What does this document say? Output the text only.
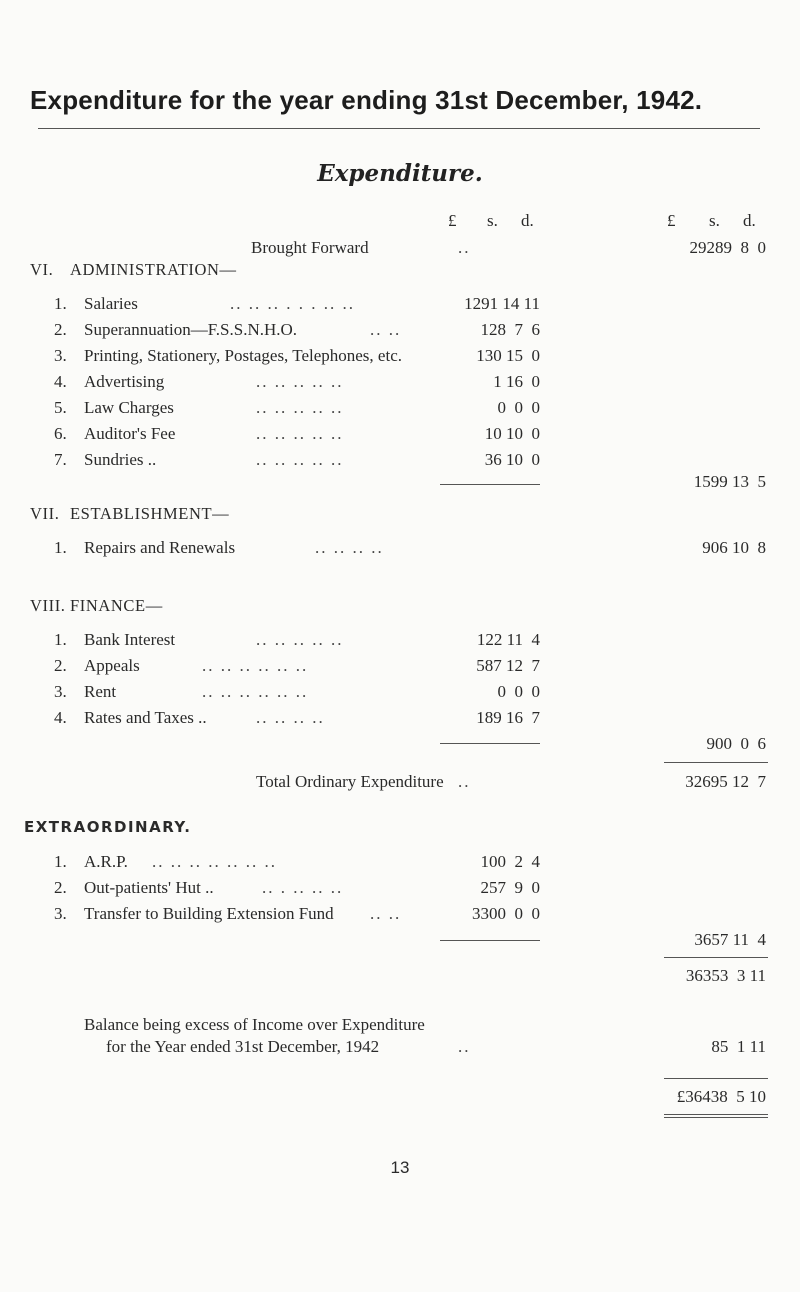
Expenditure for the year ending 31st December, 1942.
Expenditure.
£ s. d.	£ s. d.
Brought Forward	..	29289  8  0
VI. ADMINISTRATION—
1. Salaries	.. .. .. . . . .. ..	1291 14 11
2. Superannuation—F.S.S.N.H.O.	.. ..	128  7  6
3. Printing, Stationery, Postages, Telephones, etc.	130 15  0
4. Advertising	.. .. .. .. ..	1 16  0
5. Law Charges	.. .. .. .. ..	0  0  0
6. Auditor's Fee	.. .. .. .. ..	10 10  0
7. Sundries ..	.. .. .. .. ..	36 10  0
1599 13  5
VII. ESTABLISHMENT—
1. Repairs and Renewals	.. .. .. ..	906 10  8
VIII. FINANCE—
1. Bank Interest	.. .. .. .. ..	122 11  4
2. Appeals	.. .. .. .. .. ..	587 12  7
3. Rent	.. .. .. .. .. ..	0  0  0
4. Rates and Taxes ..	.. .. .. ..	189 16  7
900  0  6
Total Ordinary Expenditure ..	32695 12  7
EXTRAORDINARY.
1. A.R.P. .. .. .. .. .. .. ..	100  2  4
2. Out-patients' Hut ..	.. . .. .. ..	257  9  0
3. Transfer to Building Extension Fund .. ..	3300  0  0
3657 11  4
36353  3 11
Balance being excess of Income over Expenditure
for the Year ended 31st December, 1942	..	85  1 11
£36438  5 10
13
